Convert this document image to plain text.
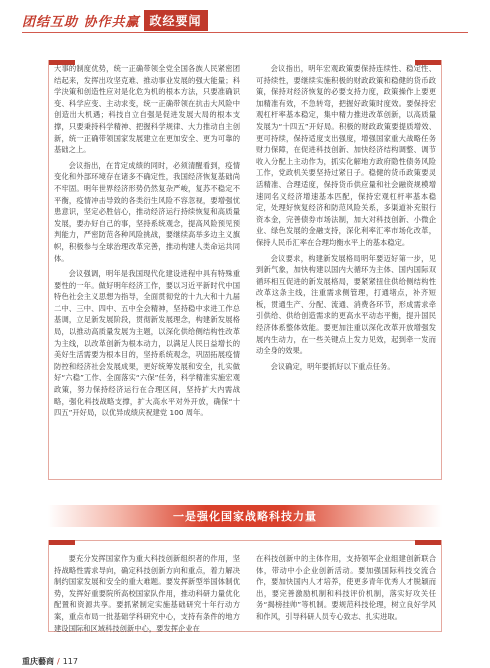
团结互助 协作共赢 政经要闻

大事的制度优势，统一正确带领全党全国各族人民紧密团结起来，发挥出攻坚克难、推动事业发展的强大能量；科学決策和创造性应对是化危为机的根本方法，只要准确识变、科学应变、主动求变，统一正确带领在抗击大风险中创造出大机遇；科技自立自强是促进发展大局的根本支撑，只要秉持科学精神、把握科学规律、大力推动自主创新，统一正确带领国家发展建立在更加安全、更为可靠的基础之上。

会议指出，在肯定成绩的同时，必须清醒看到，疫情变化和外部环境存在诸多不确定性，我国经济恢复基础尚不牢固。明年世界经济形势仍然复杂严峻，复苏不稳定不平衡，疫情冲击导致的各类衍生风险不容忽视，要增强忧患意识，坚定必胜信心，推动经济运行持续恢复和高质量发展，要办好自己的事，坚持系统观念，提高风险预见预判能力，严密防范各种风险挑战，要继续高举多边主义旗帜，积极参与全球治理改革完善，推动构建人类命运共同体。

会议强调，明年是我国现代化建设进程中具有特殊重要性的一年。做好明年经济工作，要以习近平新时代中国特色社会主义思想为指导，全面贯彻党的十九大和十九届二中、三中、四中、五中全会精神，坚持稳中求进工作总基调，立足新发展阶段，贯彻新发展理念，构建新发展格局，以推动高质量发展为主题，以深化供给侧结构性改革为主线，以改革创新为根本动力，以满足人民日益增长的美好生活需要为根本目的，坚持系统观念，巩固拓展疫情防控和经济社会发展成果，更好统筹发展和安全，扎实做好“六稳”工作、全面落实“六保”任务，科学精准实施宏观政策，努力保持经济运行在合理区间，坚持扩大内需战略，强化科技战略支撑，扩大高水平对外开放，确保“十四五”开好局，以优异成绩庆祝建党 100 周年。

会议指出，明年宏观政策要保持连续性、稳定性、可持续性，要继续实施积极的财政政策和稳健的货币政策，保持对经济恢复的必要支持力度，政策操作上要更加精准有效，不急转弯，把握好政策时度效。要保持宏观杠杆率基本稳定，集中精力推进改革创新，以高质量发展为“十四五”开好局。积极的财政政策要提质增效、更可持续，保持适度支出强度，增强国家重大战略任务财力保障，在促进科技创新、加快经济结构调整、调节收入分配上主动作为，抓实化解地方政府隐性债务风险工作，党政机关要坚持过紧日子。稳健的货币政策要灵活精准、合理适度，保持货币供应量和社会融资规模增速同名义经济增速基本匹配，保持宏观杠杆率基本稳定，处理好恢复经济和防范风险关系，多渠道补充银行资本金，完善债券市场法制，加大对科技创新、小微企业、绿色发展的金融支持，深化利率汇率市场化改革，保持人民币汇率在合理均衡水平上的基本稳定。

会议要求，构建新发展格局明年要迈好第一步，见到新气象，加快构建以国内大循环为主体、国内国际双循环相互促进的新发展格局，要紧紧扭住供给侧结构性改革这条主线，注重需求侧管理，打通堵点，补齐短板，贯通生产、分配、流通、消费各环节，形成需求牵引供给、供给创造需求的更高水平动态平衡，提升国民经济体系整体效能。要更加注重以深化改革开放增强发展内生动力，在一些关键点上发力见效，起到牵一发而动全身的效果。

会议确定，明年要抓好以下重点任务。

一是强化国家战略科技力量

要充分发挥国家作为重大科技创新组织者的作用，坚持战略性需求导向，确定科技创新方向和重点，着力解决制约国家发展和安全的重大难题。要发挥新型举国体制优势，发挥好重要院所高校国家队作用，推动科研力量优化配置和资源共享。要抓紧制定实施基础研究十年行动方案，重点布局一批基础学科研究中心，支持有条件的地方建设国际和区域科技创新中心，要发挥企业在

在科技创新中的主体作用，支持领军企业组建创新联合体，带动中小企业创新活动。要加强国际科技交流合作，要加快国内人才培养，使更多青年优秀人才脱颖而出，要完善激励机制和科技评价机制，落实好攻关任务“揭榜挂帅”等机制。要规范科技伦理，树立良好学风和作风，引导科研人员专心致志、扎实进取。

重庆藝商 / 117
